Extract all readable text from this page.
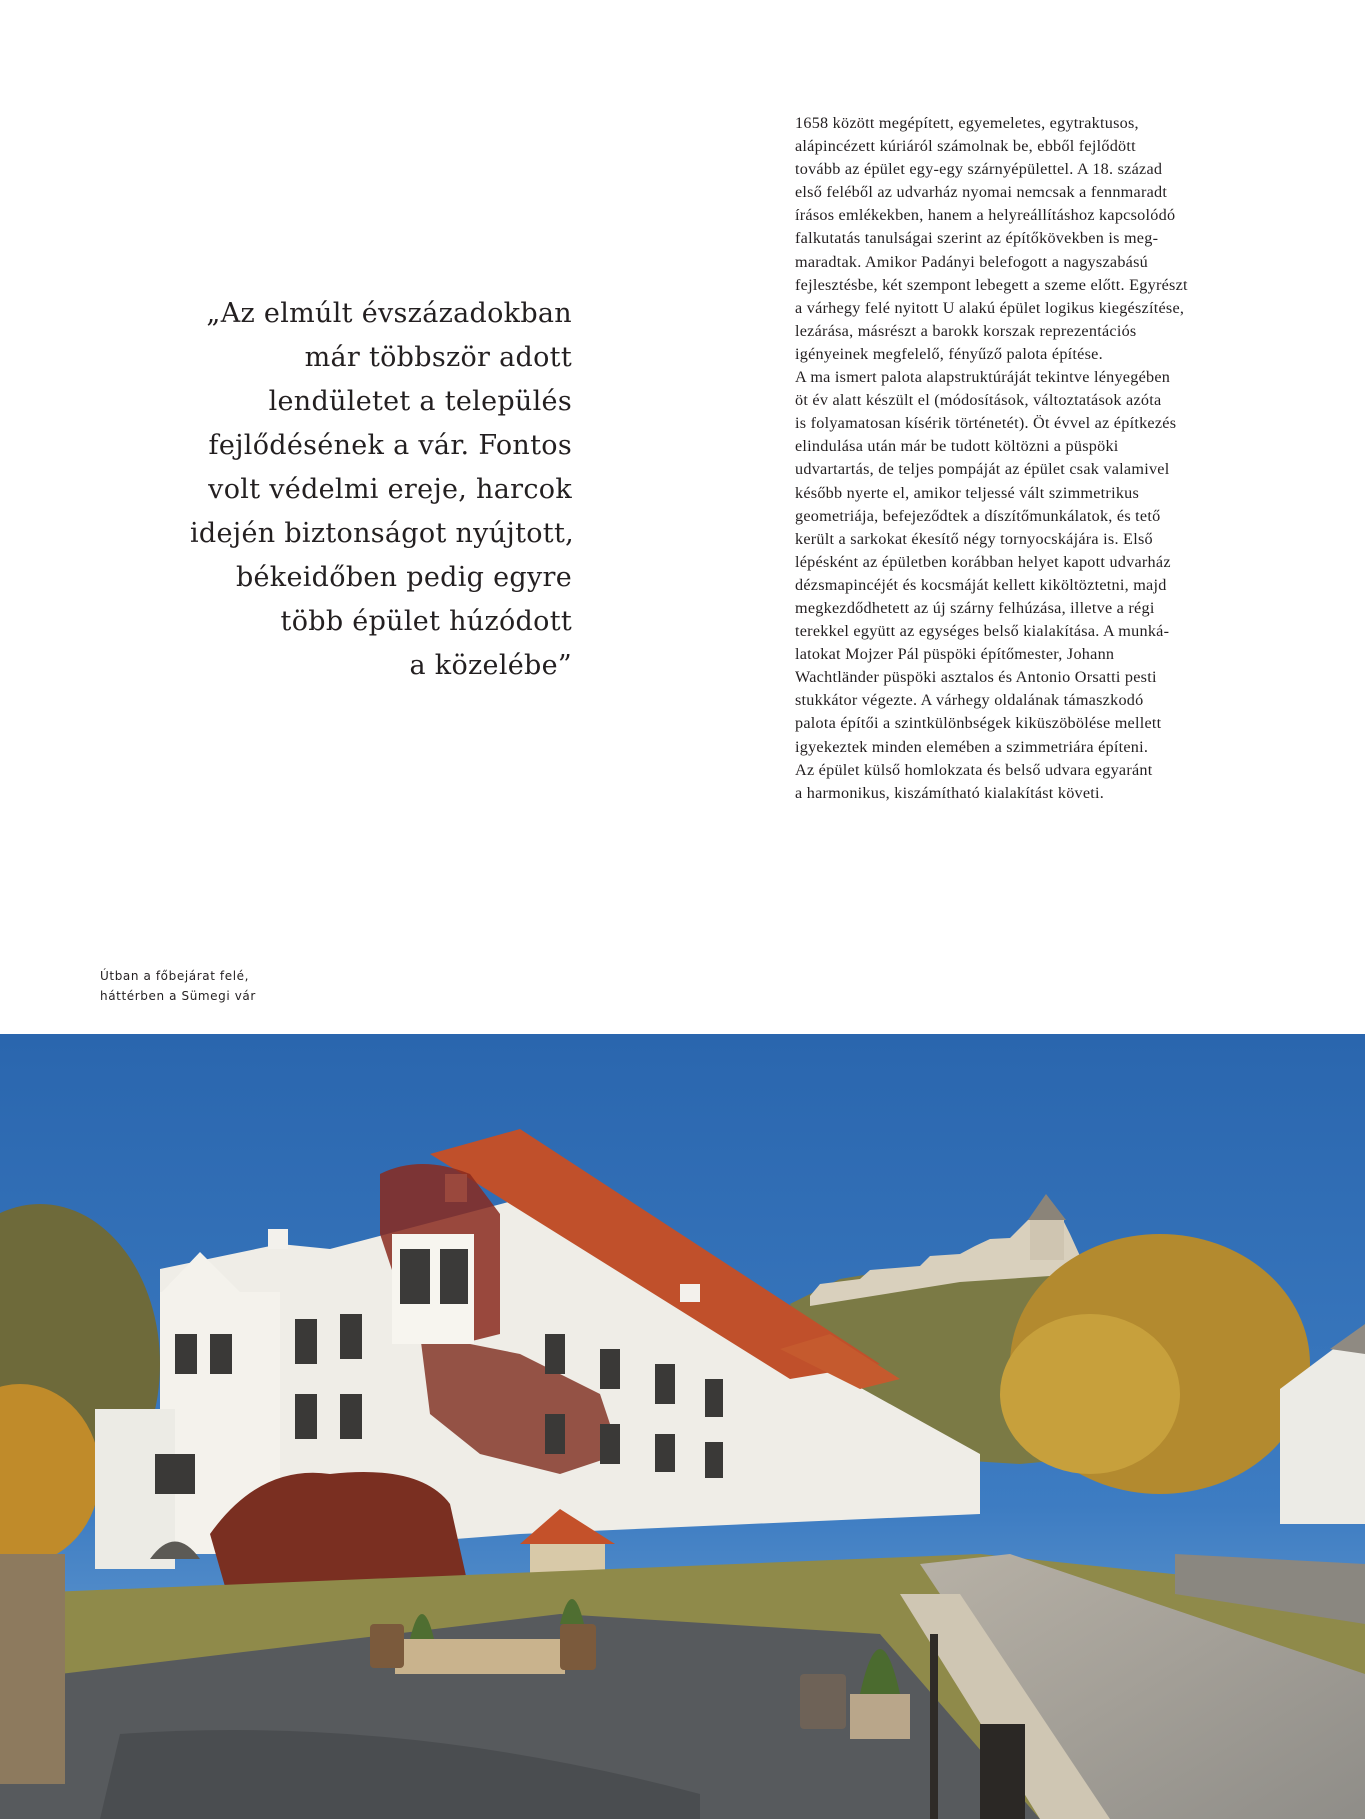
„Az elmúlt évszázadokban
már többször adott
lendületet a település
fejlődésének a vár. Fontos
volt védelmi ereje, harcok
idején biztonságot nyújtott,
békeidőben pedig egyre
több épület húzódott
a közelébe”
1658 között megépített, egyemeletes, egytraktusos,
alápincézett kúriáról számolnak be, ebből fejlődött
tovább az épület egy-egy szárnyépülettel. A 18. század
első feléből az udvarház nyomai nemcsak a fennmaradt
írásos emlékekben, hanem a helyreállításhoz kapcsolódó
falkutatás tanulságai szerint az építőkövekben is meg-
maradtak. Amikor Padányi belefogott a nagyszabású
fejlesztésbe, két szempont lebegett a szeme előtt. Egyrészt
a várhegy felé nyitott U alakú épület logikus kiegészítése,
lezárása, másrészt a barokk korszak reprezentációs
igényeinek megfelelő, fényűző palota építése.
A ma ismert palota alapstruktúráját tekintve lényegében
öt év alatt készült el (módosítások, változtatások azóta
is folyamatosan kísérik történetét). Öt évvel az építkezés
elindulása után már be tudott költözni a püspöki
udvartartás, de teljes pompáját az épület csak valamivel
később nyerte el, amikor teljessé vált szimmetrikus
geometriája, befejeződtek a díszítőmunkálatok, és tető
került a sarkokat ékesítő négy tornyocskájára is. Első
lépésként az épületben korábban helyet kapott udvarház
dézsmapincéjét és kocsmáját kellett kiköltöztetni, majd
megkezdődhetett az új szárny felhúzása, illetve a régi
terekkel együtt az egységes belső kialakítása. A munká-
latokat Mojzer Pál püspöki építőmester, Johann
Wachtländer püspöki asztalos és Antonio Orsatti pesti
stukkátor végezte. A várhegy oldalának támaszkodó
palota építői a szintkülönbségek kiküszöbölése mellett
igyekeztek minden elemében a szimmetriára építeni.
Az épület külső homlokzata és belső udvara egyaránt
a harmonikus, kiszámítható kialakítást követi.
Útban a főbejárat felé,
háttérben a Sümegi vár
